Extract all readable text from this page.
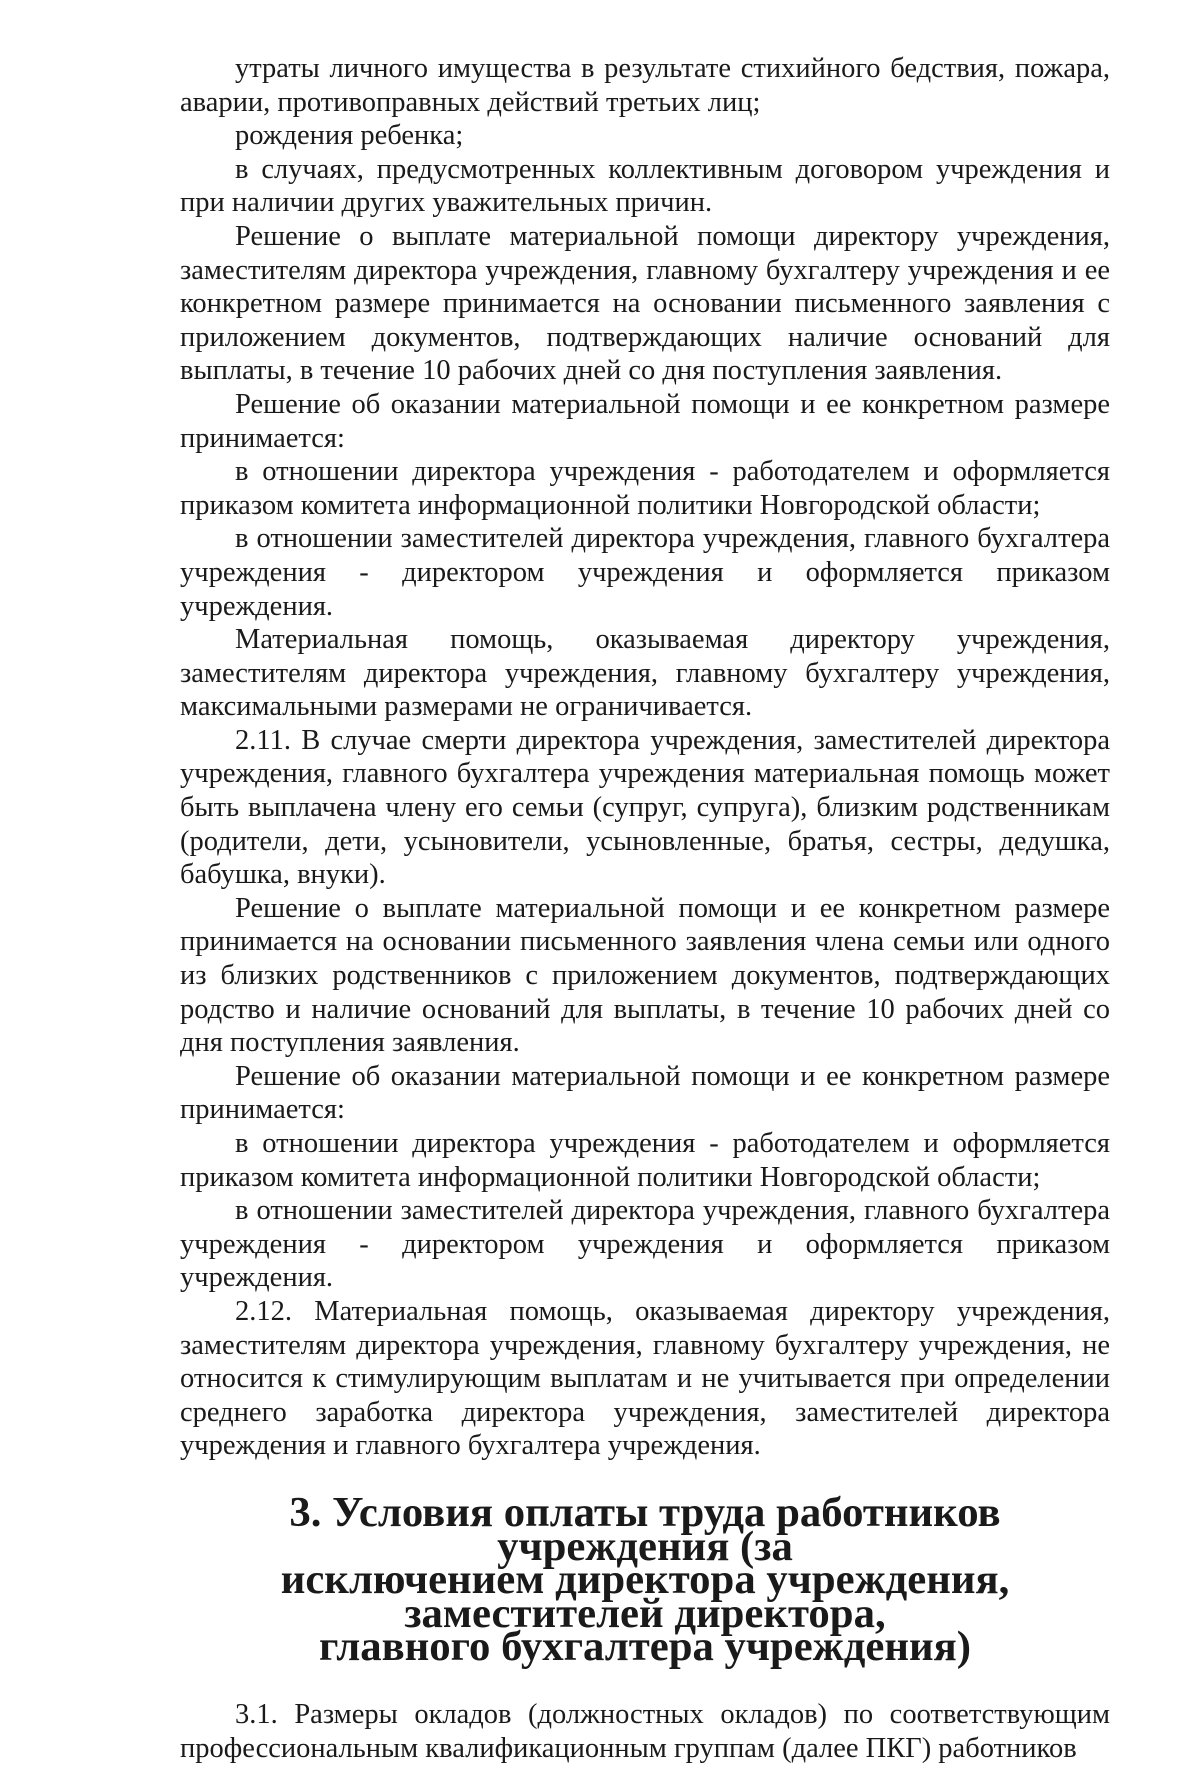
утраты личного имущества в результате стихийного бедствия, пожара, аварии, противоправных действий третьих лиц;

рождения ребенка;

в случаях, предусмотренных коллективным договором учреждения и при наличии других уважительных причин.

Решение о выплате материальной помощи директору учреждения, заместителям директора учреждения, главному бухгалтеру учреждения и ее конкретном размере принимается на основании письменного заявления с приложением документов, подтверждающих наличие оснований для выплаты, в течение 10 рабочих дней со дня поступления заявления.

Решение об оказании материальной помощи и ее конкретном размере принимается:

в отношении директора учреждения - работодателем и оформляется приказом комитета информационной политики Новгородской области;

в отношении заместителей директора учреждения, главного бухгалтера учреждения - директором учреждения и оформляется приказом учреждения.

Материальная помощь, оказываемая директору учреждения, заместителям директора учреждения, главному бухгалтеру учреждения, максимальными размерами не ограничивается.

2.11. В случае смерти директора учреждения, заместителей директора учреждения, главного бухгалтера учреждения материальная помощь может быть выплачена члену его семьи (супруг, супруга), близким родственникам (родители, дети, усыновители, усыновленные, братья, сестры, дедушка, бабушка, внуки).

Решение о выплате материальной помощи и ее конкретном размере принимается на основании письменного заявления члена семьи или одного из близких родственников с приложением документов, подтверждающих родство и наличие оснований для выплаты, в течение 10 рабочих дней со дня поступления заявления.

Решение об оказании материальной помощи и ее конкретном размере принимается:

в отношении директора учреждения - работодателем и оформляется приказом комитета информационной политики Новгородской области;

в отношении заместителей директора учреждения, главного бухгалтера учреждения - директором учреждения и оформляется приказом учреждения.

2.12. Материальная помощь, оказываемая директору учреждения, заместителям директора учреждения, главному бухгалтеру учреждения, не относится к стимулирующим выплатам и не учитывается при определении среднего заработка директора учреждения, заместителей директора учреждения и главного бухгалтера учреждения.

3. Условия оплаты труда работников учреждения (за
исключением директора учреждения, заместителей директора,
главного бухгалтера учреждения)

3.1. Размеры окладов (должностных окладов) по соответствующим профессиональным квалификационным группам (далее ПКГ) работников
